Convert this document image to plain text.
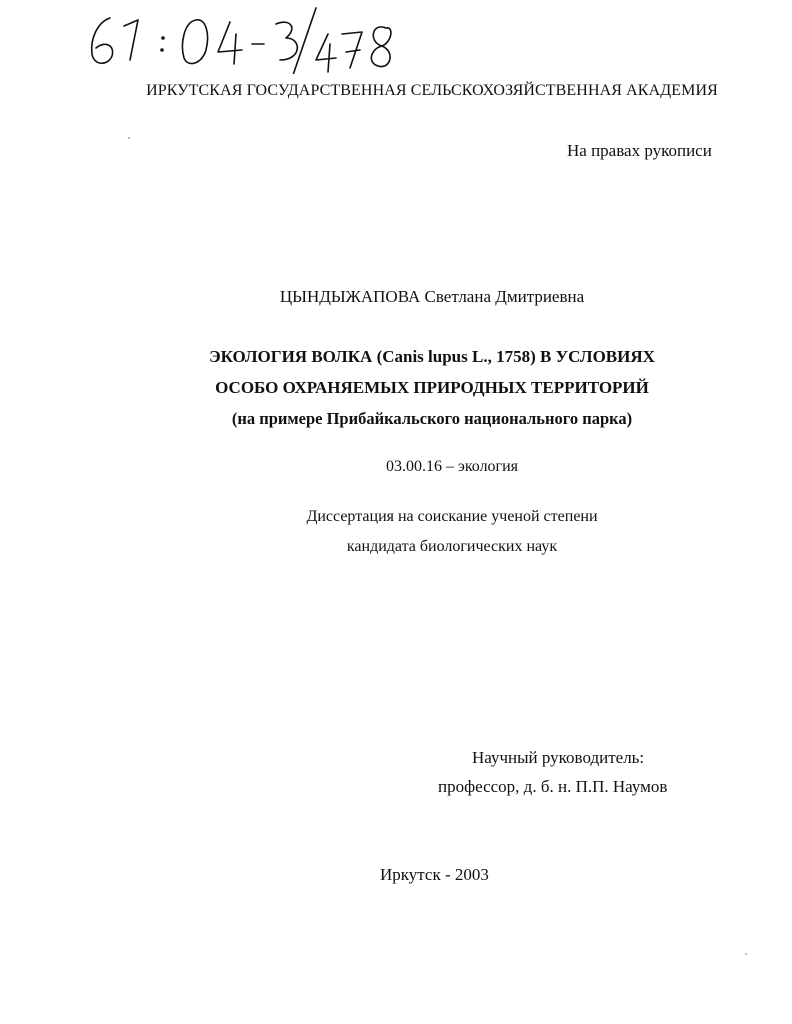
ИРКУТСКАЯ ГОСУДАРСТВЕННАЯ СЕЛЬСКОХОЗЯЙСТВЕННАЯ АКАДЕМИЯ
На правах рукописи
ЦЫНДЫЖАПОВА Светлана Дмитриевна
ЭКОЛОГИЯ ВОЛКА (Canis lupus L., 1758) В УСЛОВИЯХ
ОСОБО ОХРАНЯЕМЫХ ПРИРОДНЫХ ТЕРРИТОРИЙ
(на примере Прибайкальского национального парка)
03.00.16 – экология
Диссертация на соискание ученой степени
кандидата биологических наук
Научный руководитель:
профессор, д. б. н. П.П. Наумов
Иркутск - 2003
